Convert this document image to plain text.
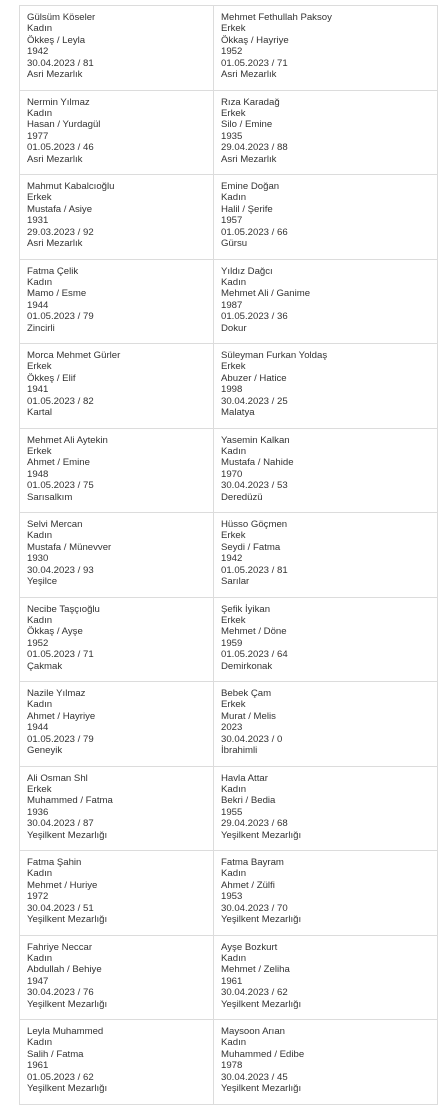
Gülsüm Köseler
Kadın
Ökkeş / Leyla
1942
30.04.2023 / 81
Asri Mezarlık
Mehmet Fethullah Paksoy
Erkek
Ökkaş / Hayriye
1952
01.05.2023 / 71
Asri Mezarlık
Nermin Yılmaz
Kadın
Hasan / Yurdagül
1977
01.05.2023 / 46
Asri Mezarlık
Rıza Karadağ
Erkek
Silo / Emine
1935
29.04.2023 / 88
Asri Mezarlık
Mahmut Kabalcıoğlu
Erkek
Mustafa / Asiye
1931
29.03.2023 / 92
Asri Mezarlık
Emine Doğan
Kadın
Halil / Şerife
1957
01.05.2023 / 66
Gürsu
Fatma Çelik
Kadın
Mamo / Esme
1944
01.05.2023 / 79
Zincirli
Yıldız Dağcı
Kadın
Mehmet Ali / Ganime
1987
01.05.2023 / 36
Dokur
Morca Mehmet Gürler
Erkek
Ökkeş / Elif
1941
01.05.2023 / 82
Kartal
Süleyman Furkan Yoldaş
Erkek
Abuzer / Hatice
1998
30.04.2023 / 25
Malatya
Mehmet Ali Aytekin
Erkek
Ahmet / Emine
1948
01.05.2023 / 75
Sarısalkım
Yasemin Kalkan
Kadın
Mustafa / Nahide
1970
30.04.2023 / 53
Deredüzü
Selvi Mercan
Kadın
Mustafa / Münevver
1930
30.04.2023 / 93
Yeşilce
Hüsso Göçmen
Erkek
Seydi / Fatma
1942
01.05.2023 / 81
Sarılar
Necibe Taşçıoğlu
Kadın
Ökkaş / Ayşe
1952
01.05.2023 / 71
Çakmak
Şefik İyikan
Erkek
Mehmet / Döne
1959
01.05.2023 / 64
Demirkonak
Nazile Yılmaz
Kadın
Ahmet / Hayriye
1944
01.05.2023 / 79
Geneyik
Bebek Çam
Erkek
Murat / Melis
2023
30.04.2023 / 0
İbrahimli
Ali Osman Shl
Erkek
Muhammed / Fatma
1936
30.04.2023 / 87
Yeşilkent Mezarlığı
Havla Attar
Kadın
Bekri / Bedia
1955
29.04.2023 / 68
Yeşilkent Mezarlığı
Fatma Şahin
Kadın
Mehmet / Huriye
1972
30.04.2023 / 51
Yeşilkent Mezarlığı
Fatma Bayram
Kadın
Ahmet / Zülfi
1953
30.04.2023 / 70
Yeşilkent Mezarlığı
Fahriye Neccar
Kadın
Abdullah / Behiye
1947
30.04.2023 / 76
Yeşilkent Mezarlığı
Ayşe Bozkurt
Kadın
Mehmet / Zeliha
1961
30.04.2023 / 62
Yeşilkent Mezarlığı
Leyla Muhammed
Kadın
Salih / Fatma
1961
01.05.2023 / 62
Yeşilkent Mezarlığı
Maysoon Arıan
Kadın
Muhammed / Edibe
1978
30.04.2023 / 45
Yeşilkent Mezarlığı
